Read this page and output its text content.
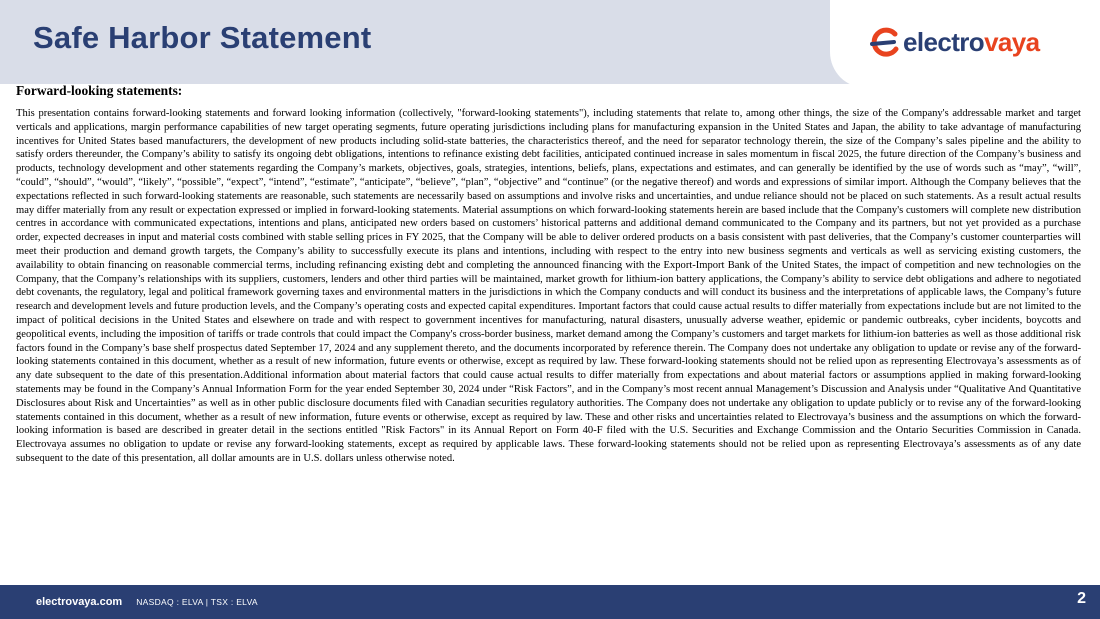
Safe Harbor Statement	electrovaya
Forward-looking statements:

This presentation contains forward-looking statements and forward looking information (collectively, "forward-looking statements"), including statements that relate to, among other things, the size of the Company's addressable market and target verticals and applications, margin performance capabilities of new target operating segments, future operating jurisdictions including plans for manufacturing expansion in the United States and Japan, the ability to take advantage of manufacturing incentives for United States based manufacturers, the development of new products including solid-state batteries, the characteristics thereof, and the need for separator technology therein, the size of the Company’s sales pipeline and the ability to satisfy orders thereunder, the Company’s ability to satisfy its ongoing debt obligations, intentions to refinance existing debt facilities, anticipated continued increase in sales momentum in fiscal 2025, the future direction of the Company’s business and products, technology development and other statements regarding the Company’s markets, objectives, goals, strategies, intentions, beliefs, plans, expectations and estimates, and can generally be identified by the use of words such as “may”, “will”, “could”, “should”, “would”, “likely”, “possible”, “expect”, “intend”, “estimate”, “anticipate”, “believe”, “plan”, “objective” and “continue” (or the negative thereof) and words and expressions of similar import. Although the Company believes that the expectations reflected in such forward-looking statements are reasonable, such statements are necessarily based on assumptions and involve risks and uncertainties, and undue reliance should not be placed on such statements. As a result actual results may differ materially from any result or expectation expressed or implied in forward-looking statements. Material assumptions on which forward-looking statements herein are based include that the Company's customers will complete new distribution centres in accordance with communicated expectations, intentions and plans, anticipated new orders based on customers’ historical patterns and additional demand communicated to the Company and its partners, but not yet provided as a purchase order, expected decreases in input and material costs combined with stable selling prices in FY 2025, that the Company will be able to deliver ordered products on a basis consistent with past deliveries, that the Company’s customer counterparties will meet their production and demand growth targets, the Company’s ability to successfully execute its plans and intentions, including with respect to the entry into new business segments and verticals as well as servicing existing customers, the availability to obtain financing on reasonable commercial terms, including refinancing existing debt and completing the announced financing with the Export-Import Bank of the United States, the impact of competition and new technologies on the Company, that the Company’s relationships with its suppliers, customers, lenders and other third parties will be maintained, market growth for lithium-ion battery applications, the Company’s ability to service debt obligations and adhere to negotiated debt covenants, the regulatory, legal and political framework governing taxes and environmental matters in the jurisdictions in which the Company conducts and will conduct its business and the interpretations of applicable laws, the Company’s future research and development levels and future production levels, and the Company’s operating costs and expected capital expenditures. Important factors that could cause actual results to differ materially from expectations include but are not limited to the impact of political decisions in the United States and elsewhere on trade and with respect to government incentives for manufacturing, natural disasters, unusually adverse weather, epidemic or pandemic outbreaks, cyber incidents, boycotts and geopolitical events, including the imposition of tariffs or trade controls that could impact the Company's cross-border business, market demand among the Company’s customers and target markets for lithium-ion batteries as well as those additional risk factors found in the Company’s base shelf prospectus dated September 17, 2024 and any supplement thereto, and the documents incorporated by reference therein. The Company does not undertake any obligation to update or revise any of the forward-looking statements contained in this document, whether as a result of new information, future events or otherwise, except as required by law. These forward-looking statements should not be relied upon as representing Electrovaya’s assessments as of any date subsequent to the date of this presentation.Additional information about material factors that could cause actual results to differ materially from expectations and about material factors or assumptions applied in making forward-looking statements may be found in the Company’s Annual Information Form for the year ended September 30, 2024 under “Risk Factors”, and in the Company’s most recent annual Management’s Discussion and Analysis under “Qualitative And Quantitative Disclosures about Risk and Uncertainties” as well as in other public disclosure documents filed with Canadian securities regulatory authorities. The Company does not undertake any obligation to update publicly or to revise any of the forward-looking statements contained in this document, whether as a result of new information, future events or otherwise, except as required by law. These and other risks and uncertainties related to Electrovaya’s business and the assumptions on which the forward-looking information is based are described in greater detail in the sections entitled "Risk Factors" in its Annual Report on Form 40-F filed with the U.S. Securities and Exchange Commission and the Ontario Securities Commission in Canada. Electrovaya assumes no obligation to update or revise any forward-looking statements, except as required by applicable laws. These forward-looking statements should not be relied upon as representing Electrovaya’s assessments as of any date subsequent to the date of this presentation, all dollar amounts are in U.S. dollars unless otherwise noted.

electrovaya.com NASDAQ : ELVA | TSX : ELVA	2
